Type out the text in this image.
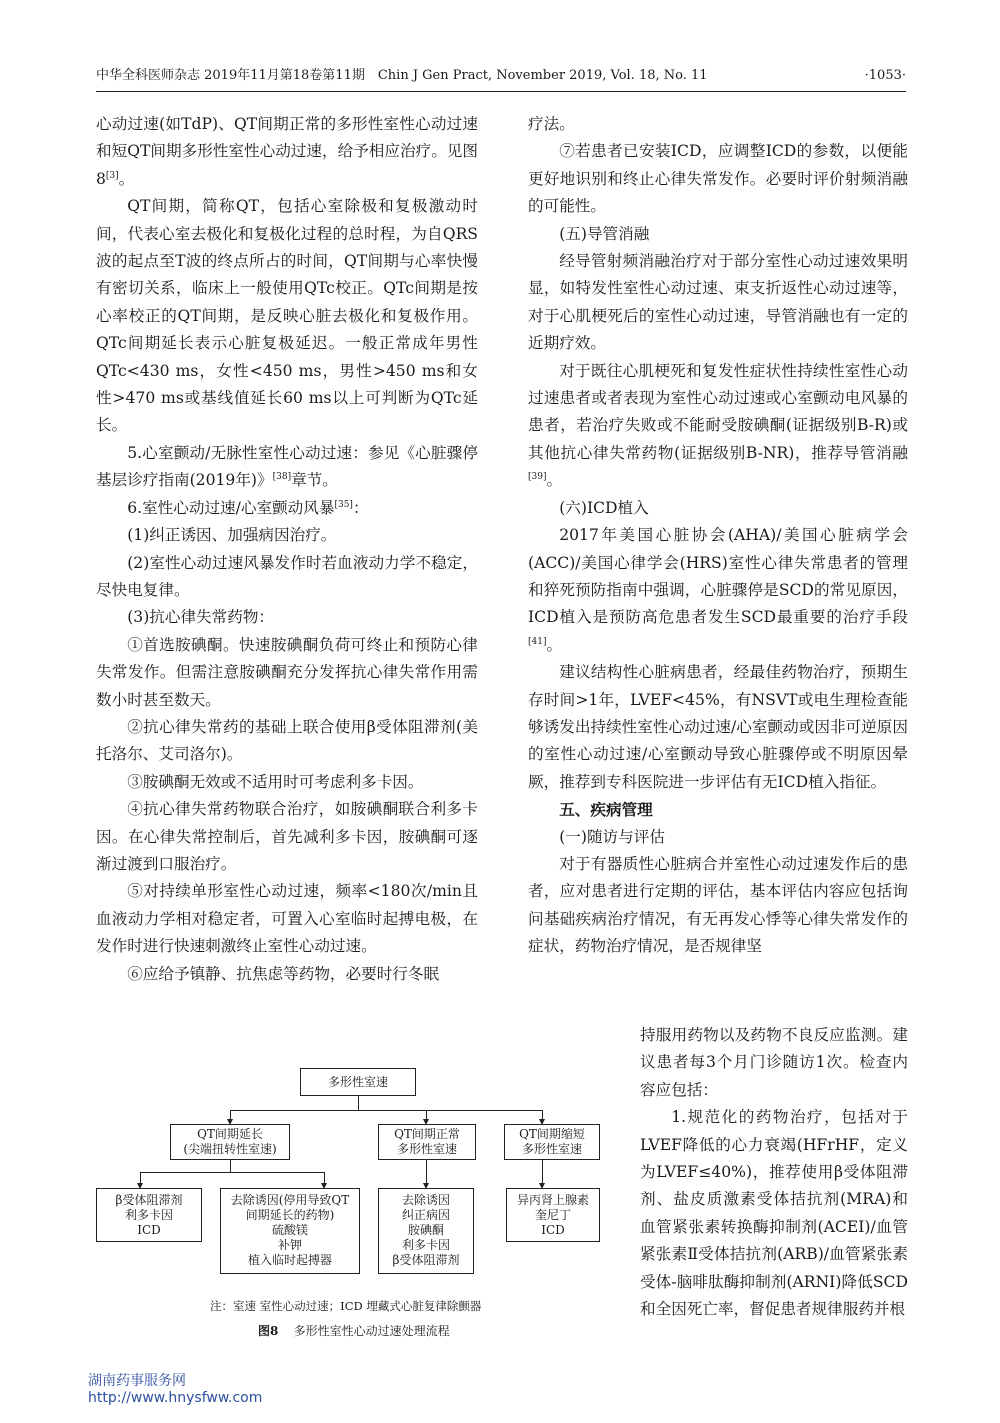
中华全科医师杂志 2019年11月第18卷第11期　Chin J Gen Pract, November 2019, Vol. 18, No. 11	·1053·

心动过速(如TdP)、QT间期正常的多形性室性心动过速和短QT间期多形性室性心动过速，给予相应治疗。见图8[3]。

QT间期，简称QT，包括心室除极和复极激动时间，代表心室去极化和复极化过程的总时程，为自QRS波的起点至T波的终点所占的时间，QT间期与心率快慢有密切关系，临床上一般使用QTc校正。QTc间期是按心率校正的QT间期，是反映心脏去极化和复极作用。QTc间期延长表示心脏复极延迟。一般正常成年男性QTc<430 ms，女性<450 ms，男性>450 ms和女性>470 ms或基线值延长60 ms以上可判断为QTc延长。

5.心室颤动/无脉性室性心动过速：参见《心脏骤停基层诊疗指南(2019年)》[38]章节。

6.室性心动过速/心室颤动风暴[35]：

(1)纠正诱因、加强病因治疗。

(2)室性心动过速风暴发作时若血液动力学不稳定，尽快电复律。

(3)抗心律失常药物：

①首选胺碘酮。快速胺碘酮负荷可终止和预防心律失常发作。但需注意胺碘酮充分发挥抗心律失常作用需数小时甚至数天。

②抗心律失常药的基础上联合使用β受体阻滞剂(美托洛尔、艾司洛尔)。

③胺碘酮无效或不适用时可考虑利多卡因。

④抗心律失常药物联合治疗，如胺碘酮联合利多卡因。在心律失常控制后，首先减利多卡因，胺碘酮可逐渐过渡到口服治疗。

⑤对持续单形室性心动过速，频率<180次/min且血液动力学相对稳定者，可置入心室临时起搏电极，在发作时进行快速刺激终止室性心动过速。

⑥应给予镇静、抗焦虑等药物，必要时行冬眠

疗法。

⑦若患者已安装ICD，应调整ICD的参数，以便能更好地识别和终止心律失常发作。必要时评价射频消融的可能性。

(五)导管消融

经导管射频消融治疗对于部分室性心动过速效果明显，如特发性室性心动过速、束支折返性心动过速等，对于心肌梗死后的室性心动过速，导管消融也有一定的近期疗效。

对于既往心肌梗死和复发性症状性持续性室性心动过速患者或者表现为室性心动过速或心室颤动电风暴的患者，若治疗失败或不能耐受胺碘酮(证据级别B-R)或其他抗心律失常药物(证据级别B-NR)，推荐导管消融[39]。

(六)ICD植入

2017年美国心脏协会(AHA)/美国心脏病学会(ACC)/美国心律学会(HRS)室性心律失常患者的管理和猝死预防指南中强调，心脏骤停是SCD的常见原因，ICD植入是预防高危患者发生SCD最重要的治疗手段[41]。

建议结构性心脏病患者，经最佳药物治疗，预期生存时间>1年，LVEF<45%，有NSVT或电生理检查能够诱发出持续性室性心动过速/心室颤动或因非可逆原因的室性心动过速/心室颤动导致心脏骤停或不明原因晕厥，推荐到专科医院进一步评估有无ICD植入指征。

五、疾病管理

(一)随访与评估

对于有器质性心脏病合并室性心动过速发作后的患者，应对患者进行定期的评估，基本评估内容应包括询问基础疾病治疗情况，有无再发心悸等心律失常发作的症状，药物治疗情况，是否规律坚

持服用药物以及药物不良反应监测。建议患者每3个月门诊随访1次。检查内容应包括：

1.规范化的药物治疗，包括对于LVEF降低的心力衰竭(HFrHF，定义为LVEF≤40%)，推荐使用β受体阻滞剂、盐皮质激素受体拮抗剂(MRA)和血管紧张素转换酶抑制剂(ACEI)/血管紧张素Ⅱ受体拮抗剂(ARB)/血管紧张素受体-脑啡肽酶抑制剂(ARNI)降低SCD和全因死亡率，督促患者规律服药并根

多形性室速
QT间期延长
(尖端扭转性室速)
QT间期正常
多形性室速
QT间期缩短
多形性室速
β受体阻滞剂
利多卡因
ICD
去除诱因(停用导致QT
间期延长的药物)
硫酸镁
补钾
植入临时起搏器
去除诱因
纠正病因
胺碘酮
利多卡因
β受体阻滞剂
异丙肾上腺素
奎尼丁
ICD
注：室速 室性心动过速；ICD 埋藏式心脏复律除颤器
图8 多形性室性心动过速处理流程
湖南药事服务网
http://www.hnysfww.com
